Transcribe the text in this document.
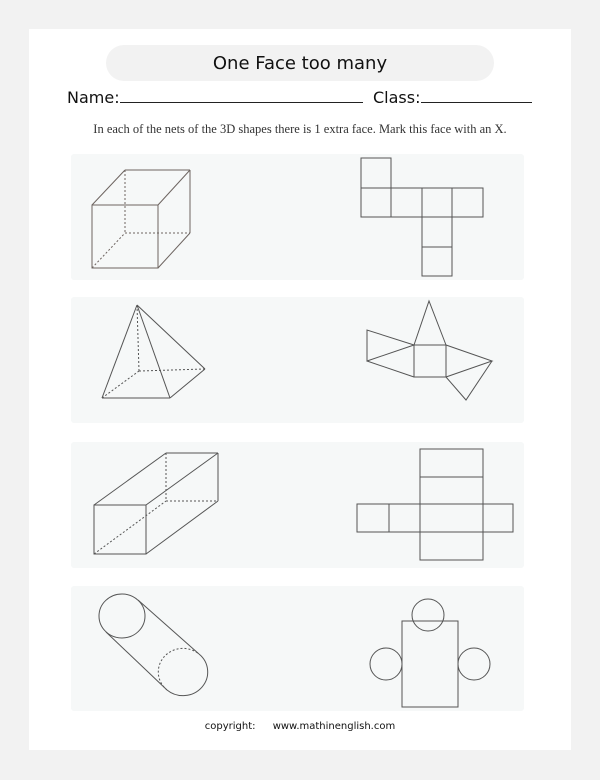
One Face too many
Name:	Class:
In each of the nets of the 3D shapes there is 1 extra face. Mark this face with an X.
copyright: www.mathinenglish.com
